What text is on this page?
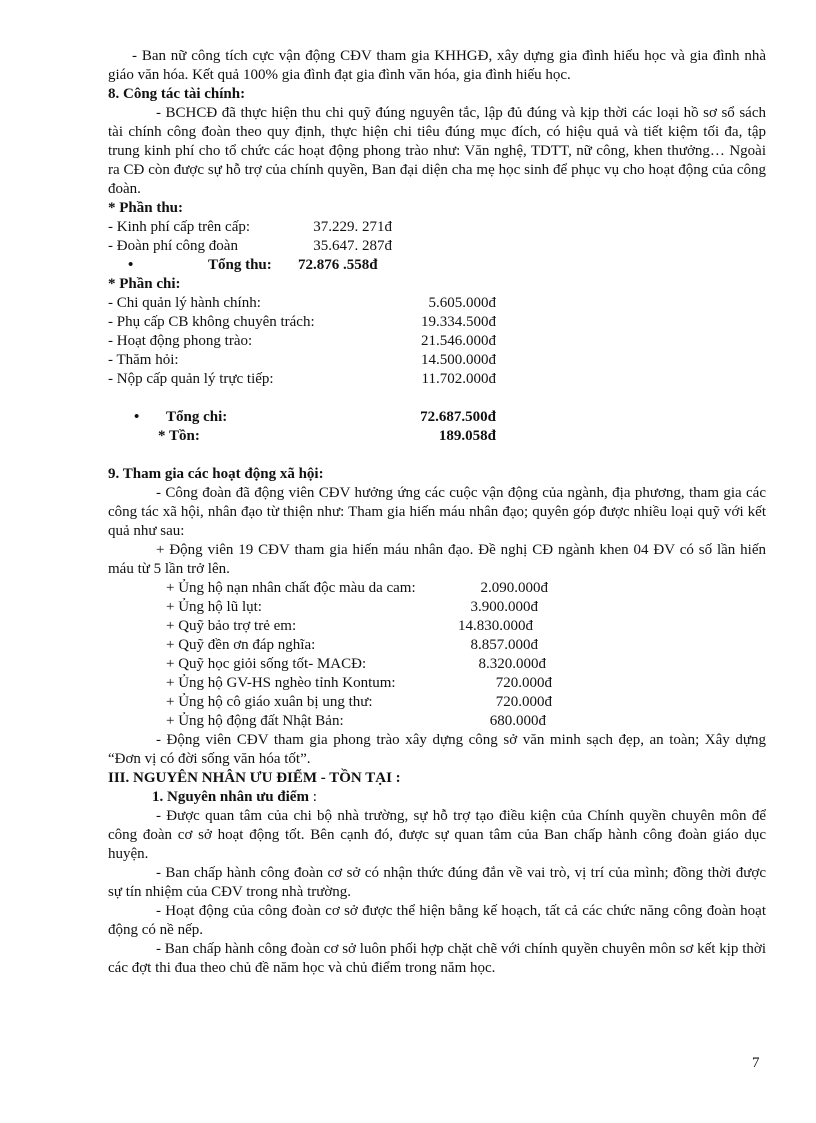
- Ban nữ công tích cực vận động CĐV tham gia KHHGĐ, xây dựng gia đình hiếu học và gia đình nhà giáo văn hóa. Kết quả 100% gia đình đạt gia đình văn hóa, gia đình hiếu học.

8. Công tác tài chính:

- BCHCĐ đã thực hiện thu chi quỹ đúng nguyên tắc, lập đủ đúng và kịp thời các loại hồ sơ sổ sách tài chính công đoàn theo quy định, thực hiện chi tiêu đúng mục đích, có hiệu quả và tiết kiệm tối đa, tập trung kinh phí cho tổ chức các hoạt động phong trào như: Văn nghệ, TDTT, nữ công, khen thưởng… Ngoài ra CĐ còn được sự hỗ trợ của chính quyền, Ban đại diện cha mẹ học sinh để phục vụ cho hoạt động của công đoàn.

* Phần thu:

- Kinh phí cấp trên cấp:	37.229. 271đ
- Đoàn phí công đoàn	35.647. 287đ
•	Tổng thu:	72.876 .558đ

* Phần chi:

- Chi quản lý hành chính:	5.605.000đ
- Phụ cấp CB không chuyên trách:	19.334.500đ
- Hoạt động phong trào:	21.546.000đ
- Thăm hỏi:	14.500.000đ
- Nộp cấp quản lý trực tiếp:	11.702.000đ
•	Tổng chi:	72.687.500đ
* Tồn:	189.058đ

9. Tham gia các hoạt động xã hội:

- Công đoàn đã động viên CĐV hưởng ứng các cuộc vận động của ngành, địa phương, tham gia các công tác xã hội, nhân đạo từ thiện như: Tham gia hiến máu nhân đạo; quyên góp được nhiều loại quỹ với kết quả như sau:

+ Động viên 19 CĐV tham gia hiến máu nhân đạo. Đề nghị CĐ ngành khen 04 ĐV có số lần hiến máu từ 5 lần trở lên.

+ Ủng hộ nạn nhân chất độc màu da cam:	2.090.000đ
+ Ủng hộ lũ lụt:	3.900.000đ
+ Quỹ bảo trợ trẻ em:	14.830.000đ
+ Quỹ đền ơn đáp nghĩa:	8.857.000đ
+ Quỹ học giỏi sống tốt- MACĐ:	8.320.000đ
+ Ủng hộ GV-HS nghèo tỉnh Kontum:	720.000đ
+ Ủng hộ cô giáo xuân bị ung thư:	720.000đ
+ Ủng hộ động đất Nhật Bản:	680.000đ

- Động viên CĐV tham gia phong trào xây dựng công sở văn minh sạch đẹp, an toàn; Xây dựng “Đơn vị có đời sống văn hóa tốt”.

III. NGUYÊN NHÂN ƯU ĐIỂM - TỒN TẠI :

1. Nguyên nhân ưu điểm :

- Được quan tâm của chi bộ nhà trường, sự hỗ trợ tạo điều kiện của Chính quyền chuyên môn để công đoàn cơ sở hoạt động tốt. Bên cạnh đó, được sự quan tâm của Ban chấp hành công đoàn giáo dục huyện.

- Ban chấp hành công đoàn cơ sở có nhận thức đúng đắn về vai trò, vị trí của mình; đồng thời được sự tín nhiệm của CĐV trong nhà trường.

- Hoạt động của công đoàn cơ sở được thể hiện bằng kế hoạch, tất cả các chức năng công đoàn hoạt động có nề nếp.

- Ban chấp hành công đoàn cơ sở luôn phối hợp chặt chẽ với chính quyền chuyên môn sơ kết kịp thời các đợt thi đua theo chủ đề năm học và chủ điểm trong năm học.

7
